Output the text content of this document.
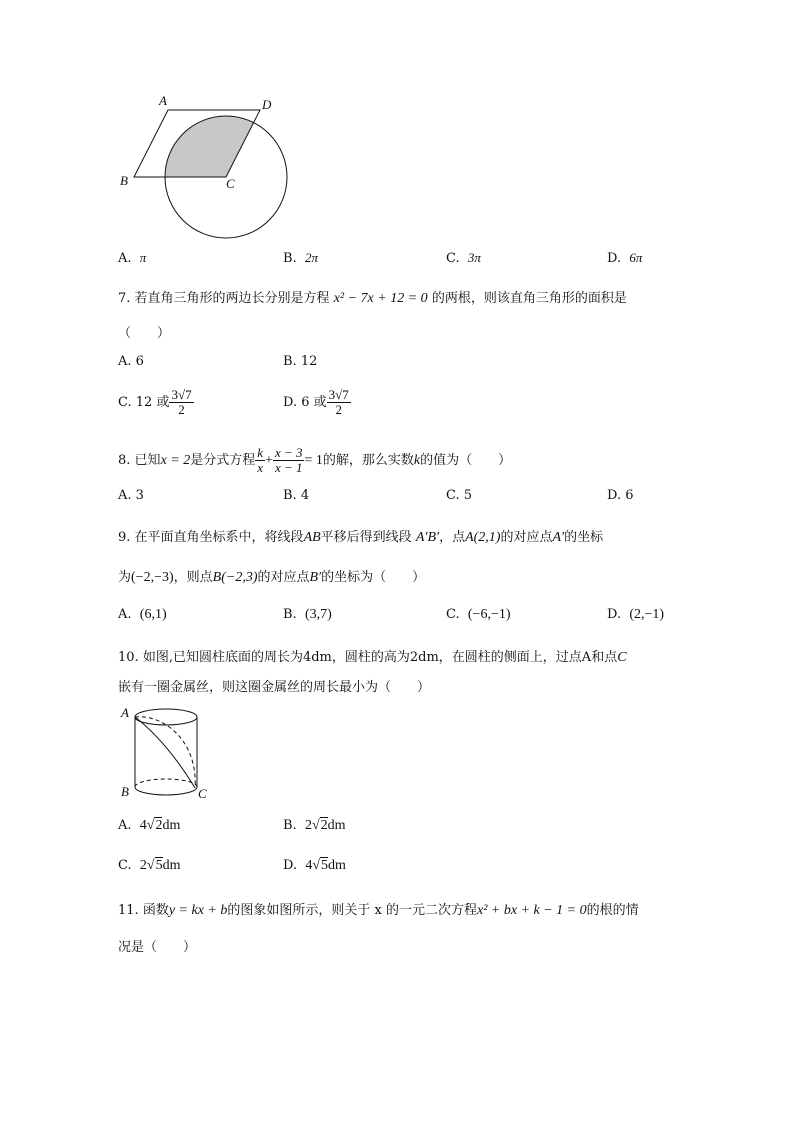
A	D
B	C
A. π	B. 2π	C. 3π	D. 6π
7. 若直角三角形的两边长分别是方程 x² − 7x + 12 = 0 的两根，则该直角三角形的面积是
（　　）
A. 6	B. 12
C. 12 或 $\frac{3√7}{2}$	D. 6 或 $\frac{3√7}{2}$
8. 已知x = 2是分式方程 $\frac{k}{x} + \frac{x - 3}{x - 1} = 1$的解，那么实数k的值为（　　）
A. 3	B. 4	C. 5	D. 6
9. 在平面直角坐标系中，将线段AB平移后得到线段 A′B′，点A(2,1)的对应点A′的坐标
为(−2,−3)，则点B(−2,3)的对应点B′的坐标为（　　）
A. (6,1)	B. (3,7)	C. (−6,−1)	D. (2,−1)
10. 如图,已知圆柱底面的周长为4dm，圆柱的高为2dm，在圆柱的侧面上，过点A和点C
嵌有一圈金属丝，则这圈金属丝的周长最小为（　　）
A
B	C
A. 4√2dm	B. 2√2dm
C. 2√5dm	D. 4√5dm
11. 函数y = kx + b的图象如图所示，则关于 x 的一元二次方程x² + bx + k − 1 = 0的根的情
况是（　　）
